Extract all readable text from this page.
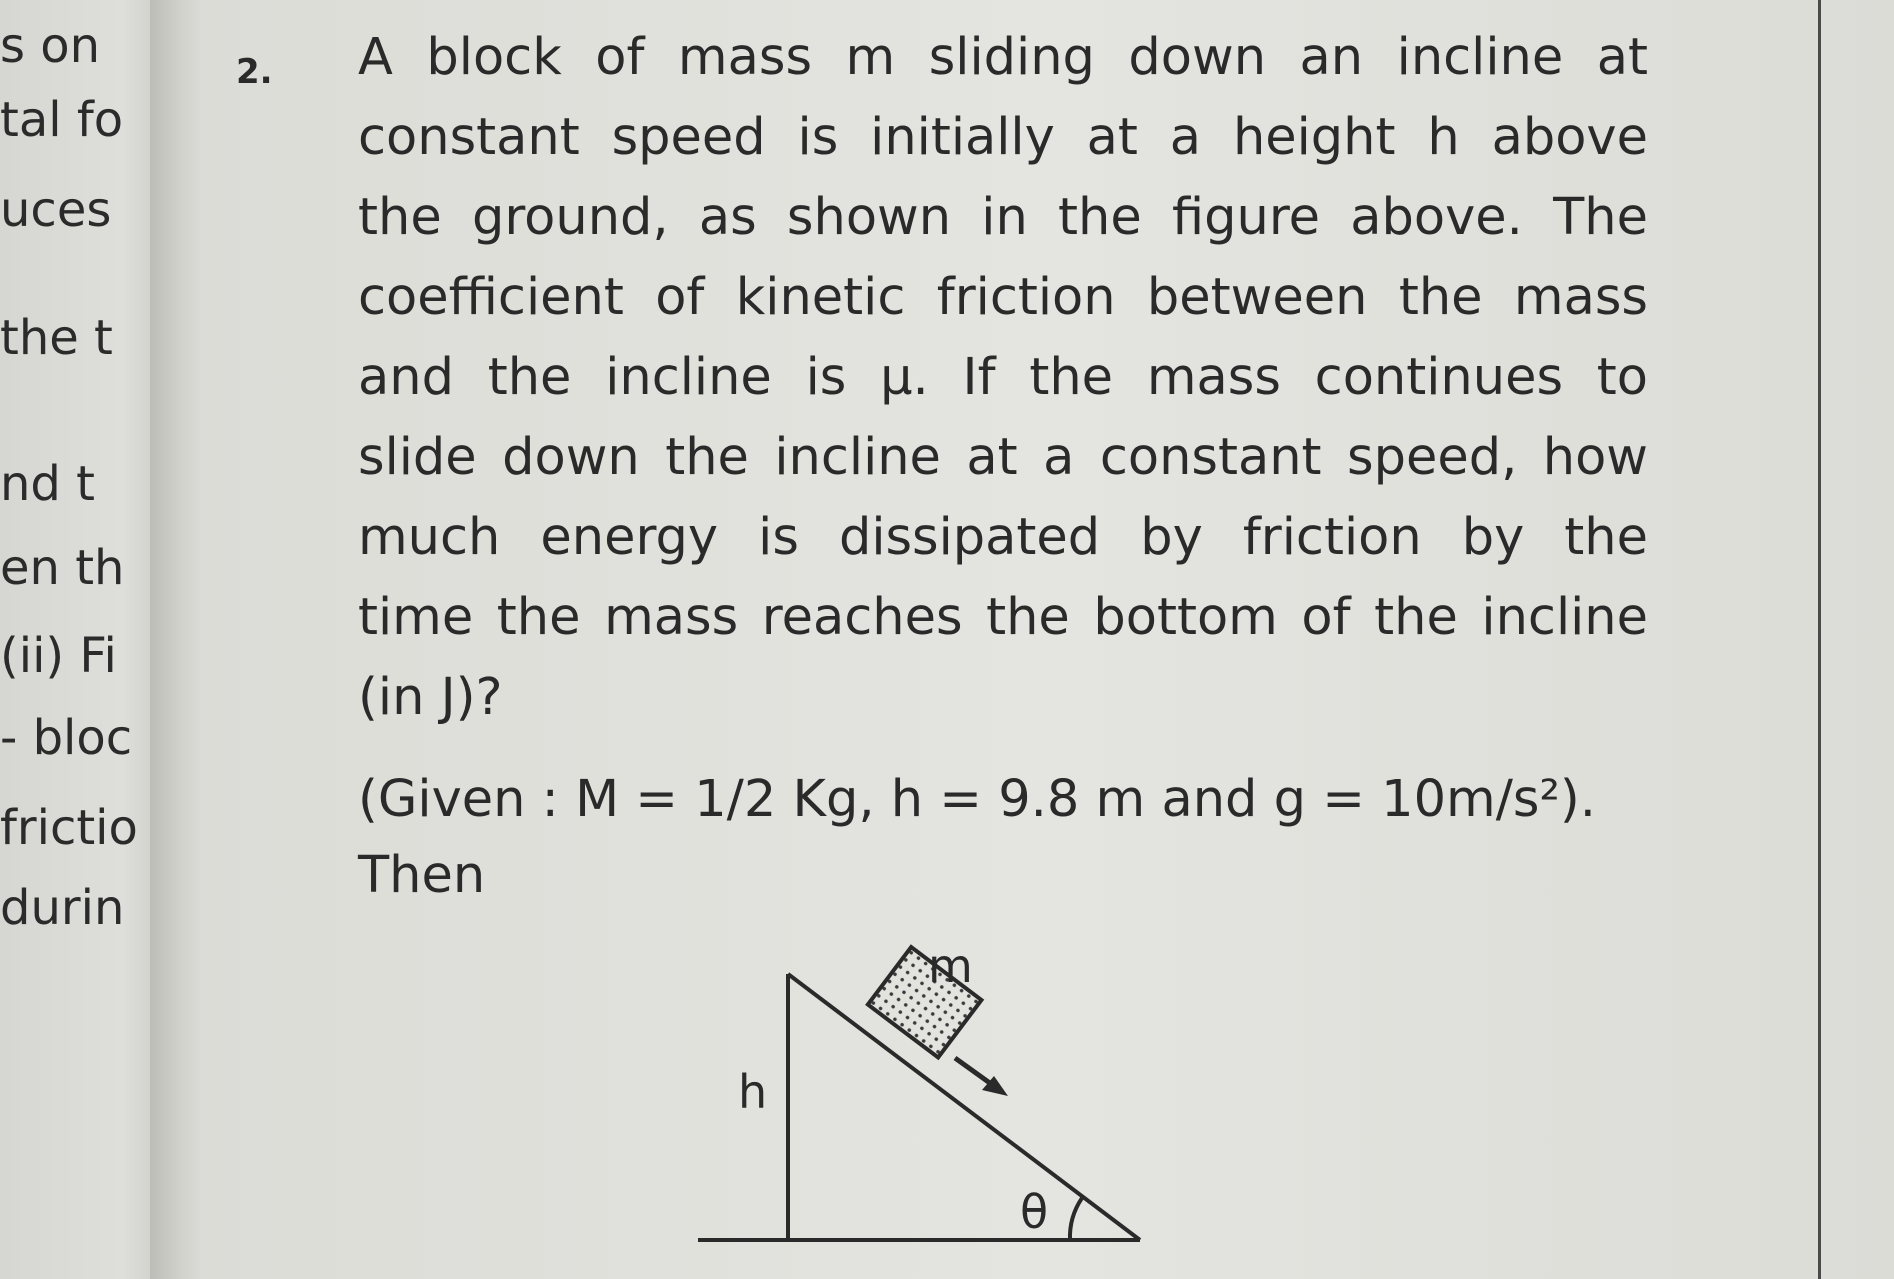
s on
tal fo
uces
the t
nd t
en th
(ii) Fi
- bloc
frictio
durin
2. A block of mass m sliding down an incline at
constant speed is initially at a height h above
the ground, as shown in the figure above. The
coefficient of kinetic friction between the mass
and the incline is μ. If the mass continues to
slide down the incline at a constant speed, how
much energy is dissipated by friction by the
time the mass reaches the bottom of the incline
(in J)?
(Given : M = 1/2 Kg, h = 9.8 m and g = 10m/s²).
Then
m
h
θ
